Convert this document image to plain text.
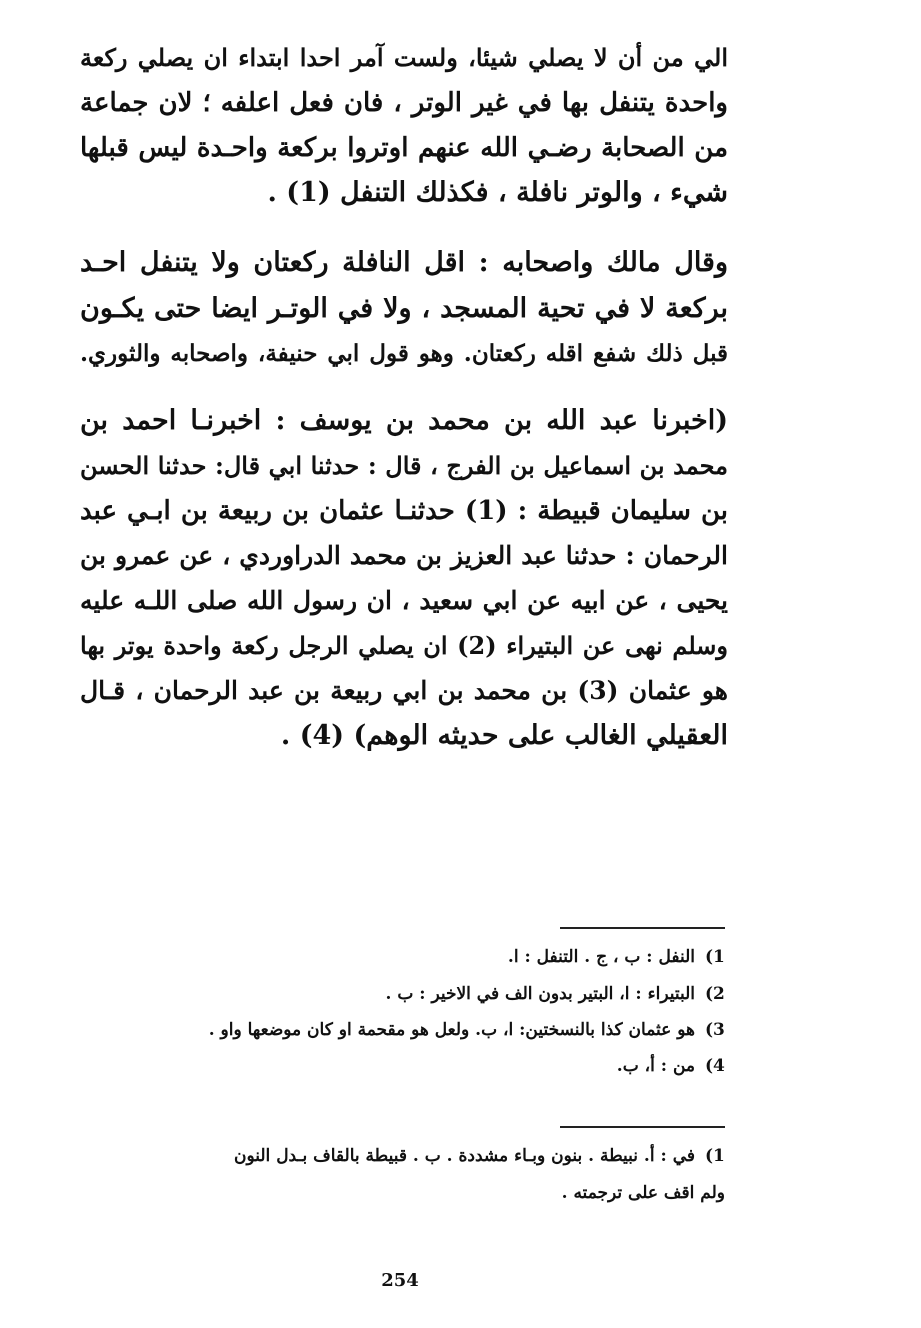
الي من أن لا يصلي شيئا، ولست آمر احدا ابتداء ان يصلي ركعة
واحدة يتنفل بها في غير الوتر ، فان فعل اعلفه ؛ لان جماعة
من الصحابة رضـي الله عنهم اوتروا بركعة واحـدة ليس قبلها
شيء ، والوتر نافلة ، فكذلك التنفل (1) .
وقال مالك واصحابه : اقل النافلة ركعتان ولا يتنفل احـد
بركعة لا في تحية المسجد ، ولا في الوتـر ايضا حتى يكـون
قبل ذلك شفع اقله ركعتان. وهو قول ابي حنيفة، واصحابه والثوري.
(اخبرنا عبد الله بن محمد بن يوسف : اخبرنـا احمد بن
محمد بن اسماعيل بن الفرج ، قال : حدثنا ابي قال: حدثنا الحسن
بن سليمان قبيطة : (1) حدثنـا عثمان بن ربيعة بن ابـي عبد
الرحمان : حدثنا عبد العزيز بن محمد الدراوردي ، عن عمرو بن
يحيى ، عن ابيه عن ابي سعيد ، ان رسول الله صلى اللـه عليه
وسلم نهى عن البتيراء (2) ان يصلي الرجل ركعة واحدة يوتر بها
هو عثمان (3) بن محمد بن ابي ربيعة بن عبد الرحمان ، قـال
العقيلي الغالب على حديثه الوهم) (4) .
1)النفل : ب ، ج . التنفل : ا.
2)البتيراء : ا، البتير بدون الف في الاخير : ب .
3)هو عثمان كذا بالنسختين: ا، ب. ولعل هو مقحمة او كان موضعها واو .
4)من : أ، ب.
1)في : أ. نبيطة . بنون وبـاء مشددة . ب . قبيطة بالقاف بـدل النون
ولم اقف على ترجمته .
254
